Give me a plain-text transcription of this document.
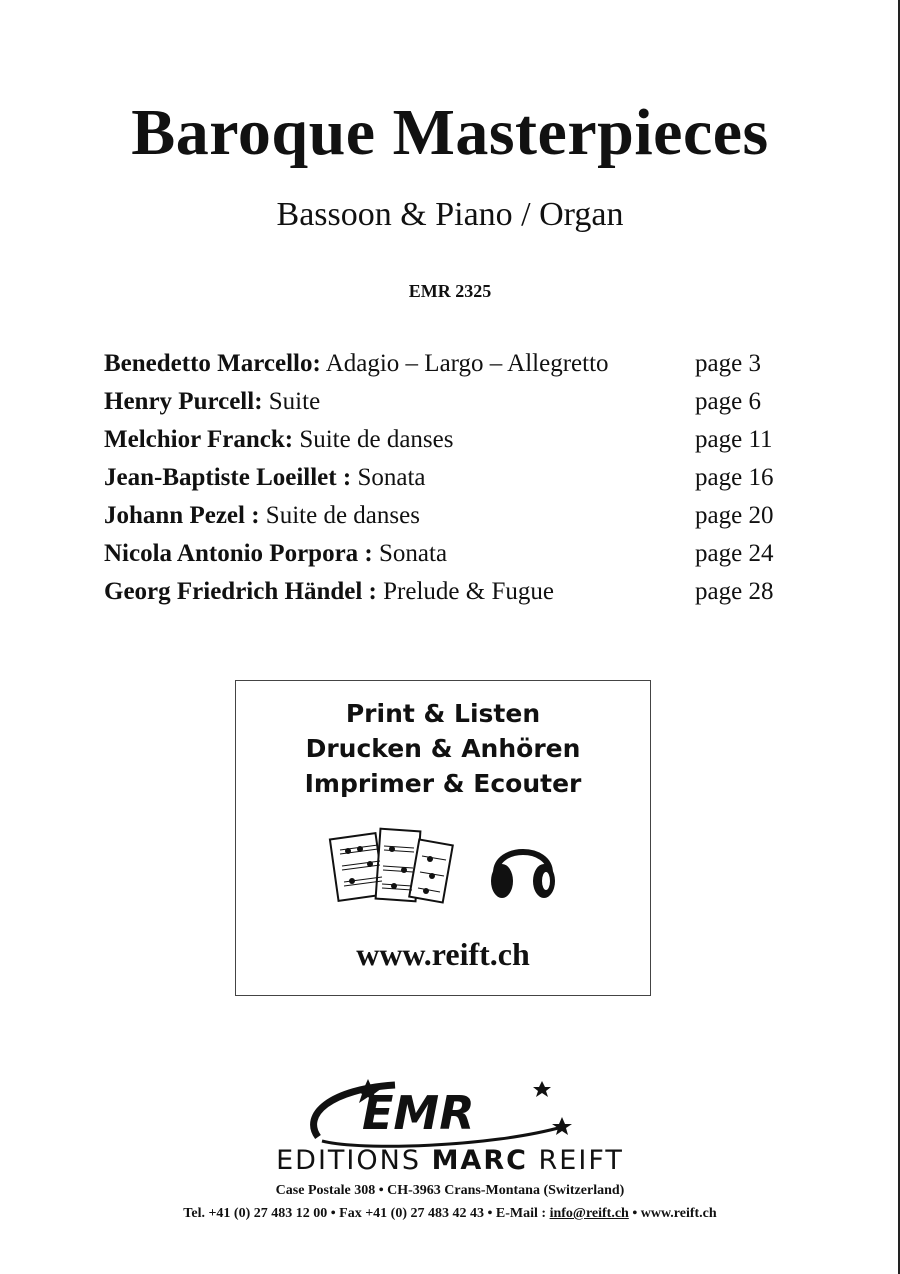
Baroque Masterpieces
Bassoon & Piano / Organ
EMR 2325
Benedetto Marcello: Adagio – Largo – Allegretto	page 3
Henry Purcell: Suite	page 6
Melchior Franck: Suite de danses	page 11
Jean-Baptiste Loeillet : Sonata	page 16
Johann Pezel : Suite de danses	page 20
Nicola Antonio Porpora : Sonata	page 24
Georg Friedrich Händel : Prelude & Fugue	page 28
Print & Listen
Drucken & Anhören
Imprimer & Ecouter
www.reift.ch
EMR
EDITIONS MARC REIFT
Case Postale 308 • CH-3963 Crans-Montana (Switzerland)
Tel. +41 (0) 27 483 12 00 • Fax +41 (0) 27 483 42 43 • E-Mail : info@reift.ch • www.reift.ch
